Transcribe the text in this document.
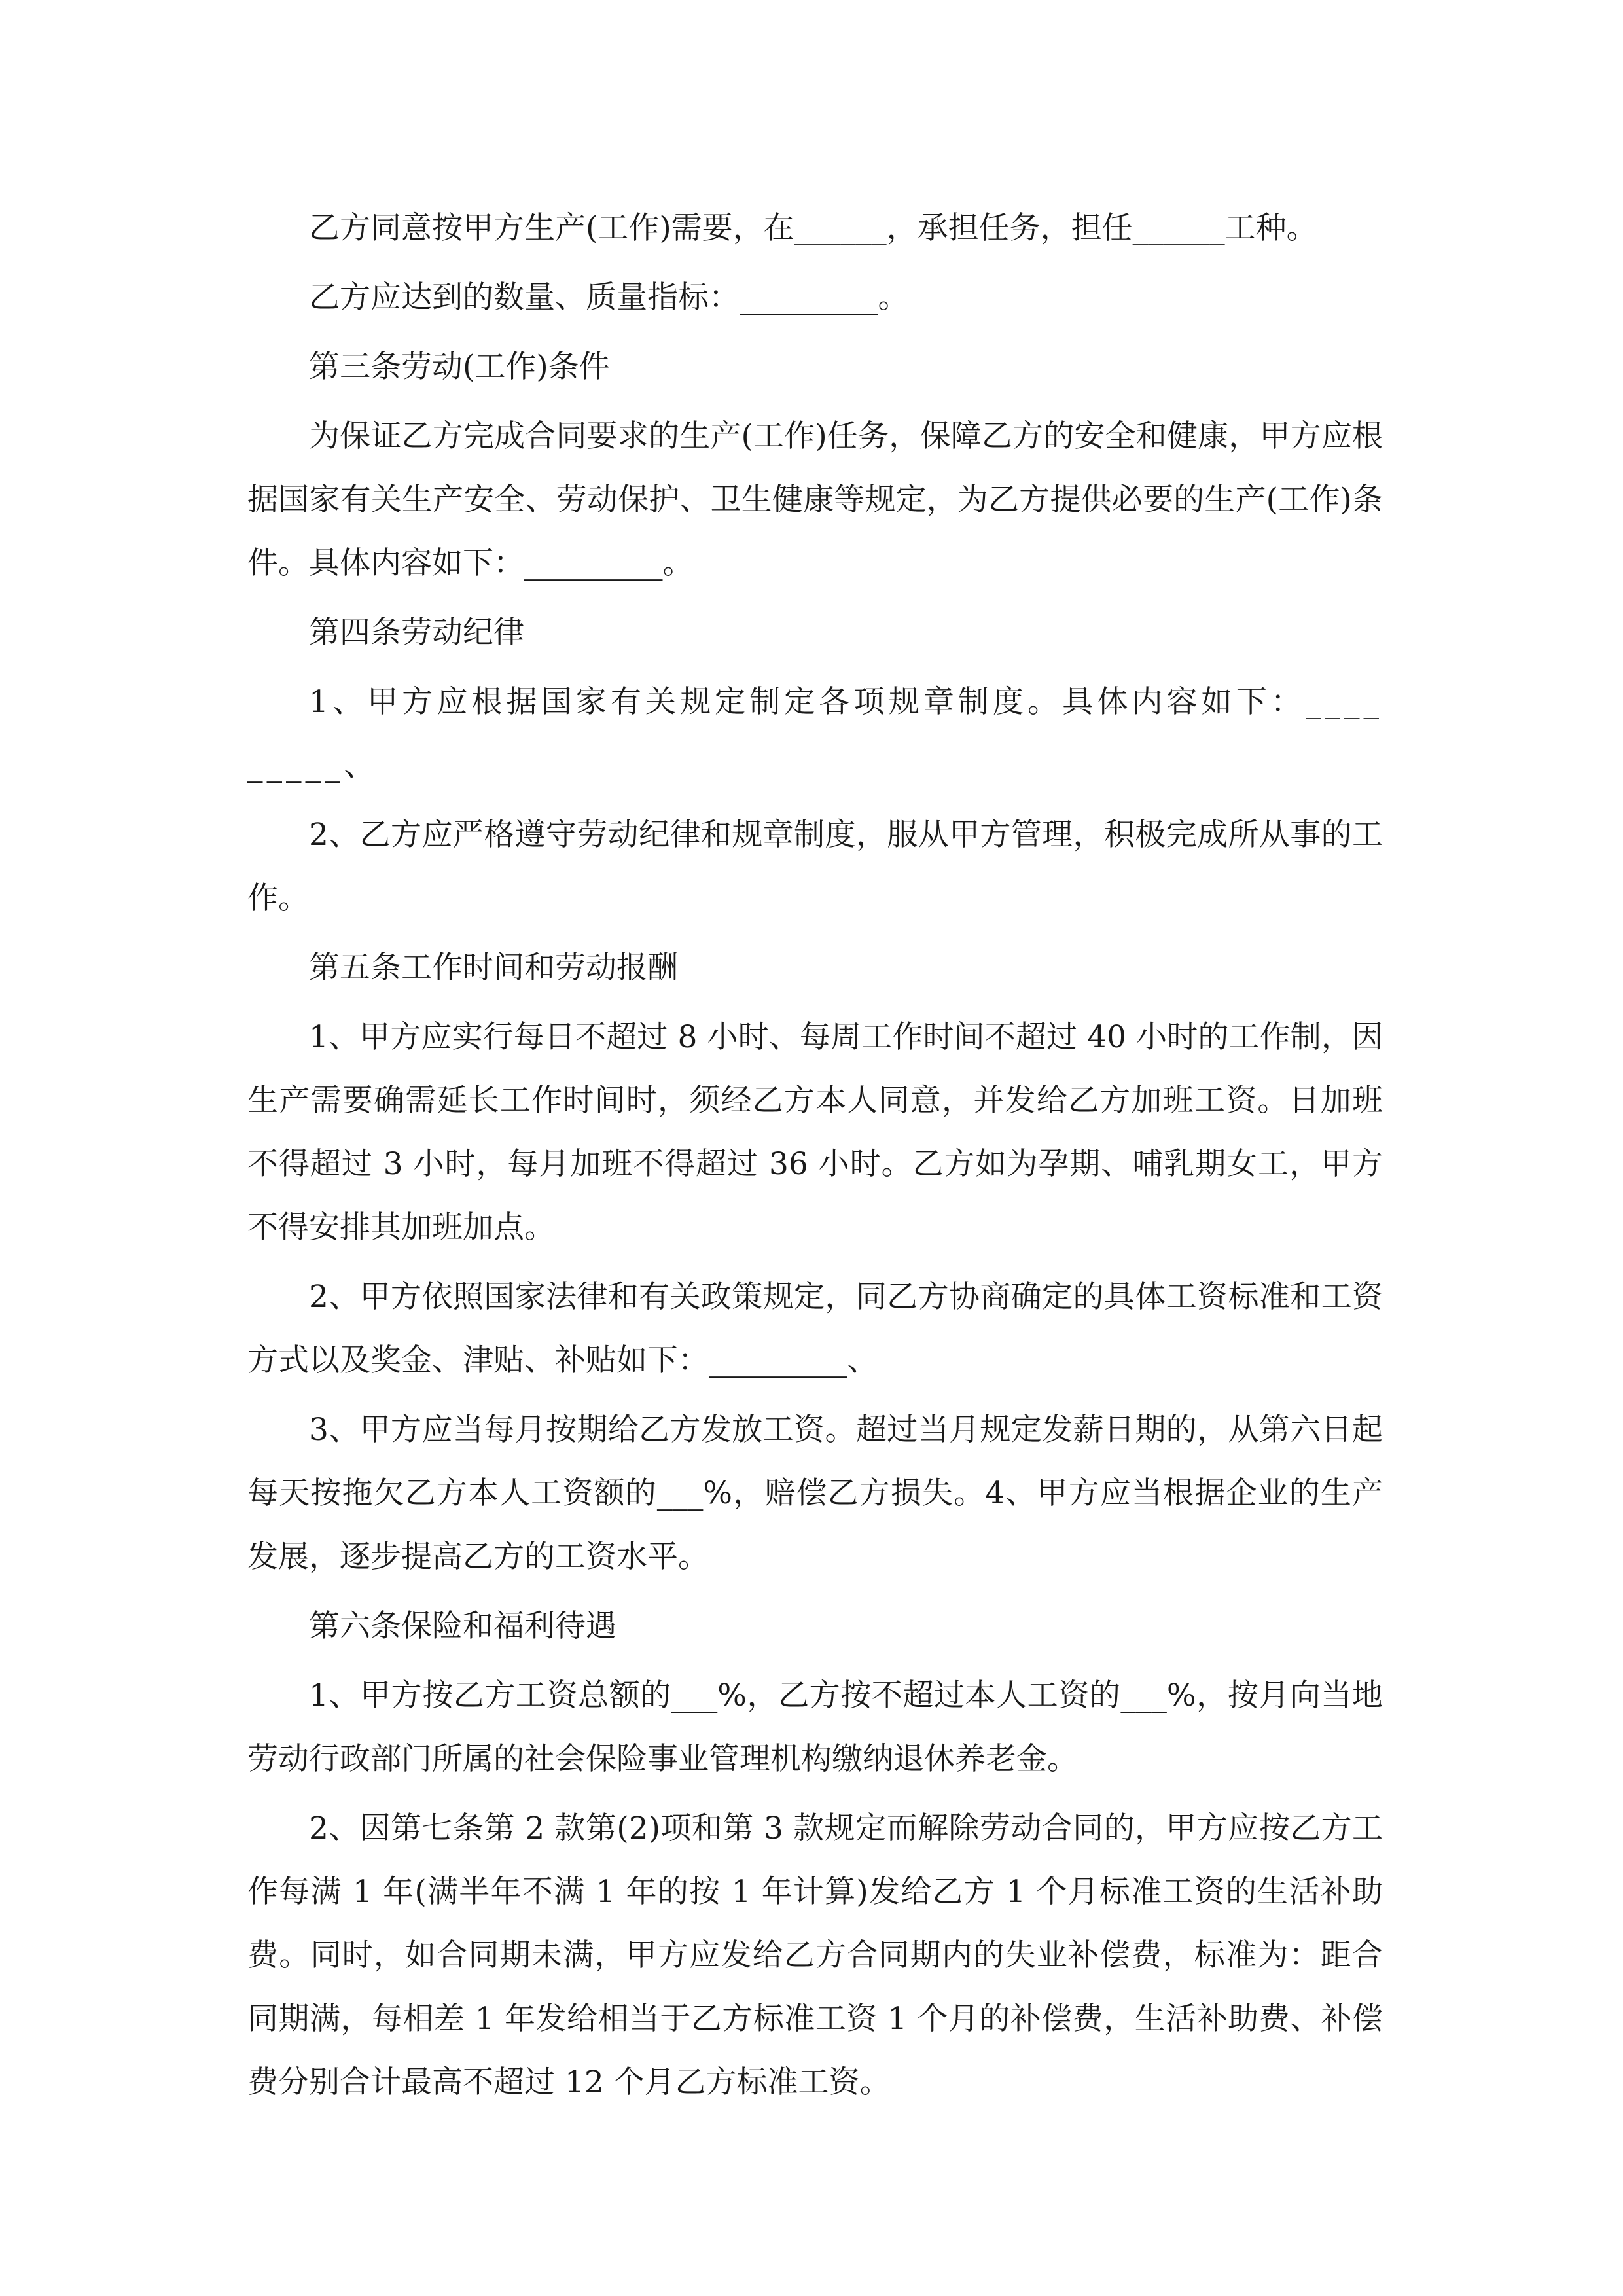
乙方同意按甲方生产(工作)需要，在______，承担任务，担任______工种。

乙方应达到的数量、质量指标：_________。

第三条劳动(工作)条件

为保证乙方完成合同要求的生产(工作)任务，保障乙方的安全和健康，甲方应根据国家有关生产安全、劳动保护、卫生健康等规定，为乙方提供必要的生产(工作)条件。具体内容如下：_________。

第四条劳动纪律

1、甲方应根据国家有关规定制定各项规章制度。具体内容如下：_________、

2、乙方应严格遵守劳动纪律和规章制度，服从甲方管理，积极完成所从事的工作。

第五条工作时间和劳动报酬

1、甲方应实行每日不超过 8 小时、每周工作时间不超过 40 小时的工作制，因生产需要确需延长工作时间时，须经乙方本人同意，并发给乙方加班工资。日加班不得超过 3 小时，每月加班不得超过 36 小时。乙方如为孕期、哺乳期女工，甲方不得安排其加班加点。

2、甲方依照国家法律和有关政策规定，同乙方协商确定的具体工资标准和工资方式以及奖金、津贴、补贴如下：_________、

3、甲方应当每月按期给乙方发放工资。超过当月规定发薪日期的，从第六日起每天按拖欠乙方本人工资额的___%，赔偿乙方损失。4、甲方应当根据企业的生产发展，逐步提高乙方的工资水平。

第六条保险和福利待遇

1、甲方按乙方工资总额的___%，乙方按不超过本人工资的___%，按月向当地劳动行政部门所属的社会保险事业管理机构缴纳退休养老金。

2、因第七条第 2 款第(2)项和第 3 款规定而解除劳动合同的，甲方应按乙方工作每满 1 年(满半年不满 1 年的按 1 年计算)发给乙方 1 个月标准工资的生活补助费。同时，如合同期未满，甲方应发给乙方合同期内的失业补偿费，标准为：距合同期满，每相差 1 年发给相当于乙方标准工资 1 个月的补偿费，生活补助费、补偿费分别合计最高不超过 12 个月乙方标准工资。
